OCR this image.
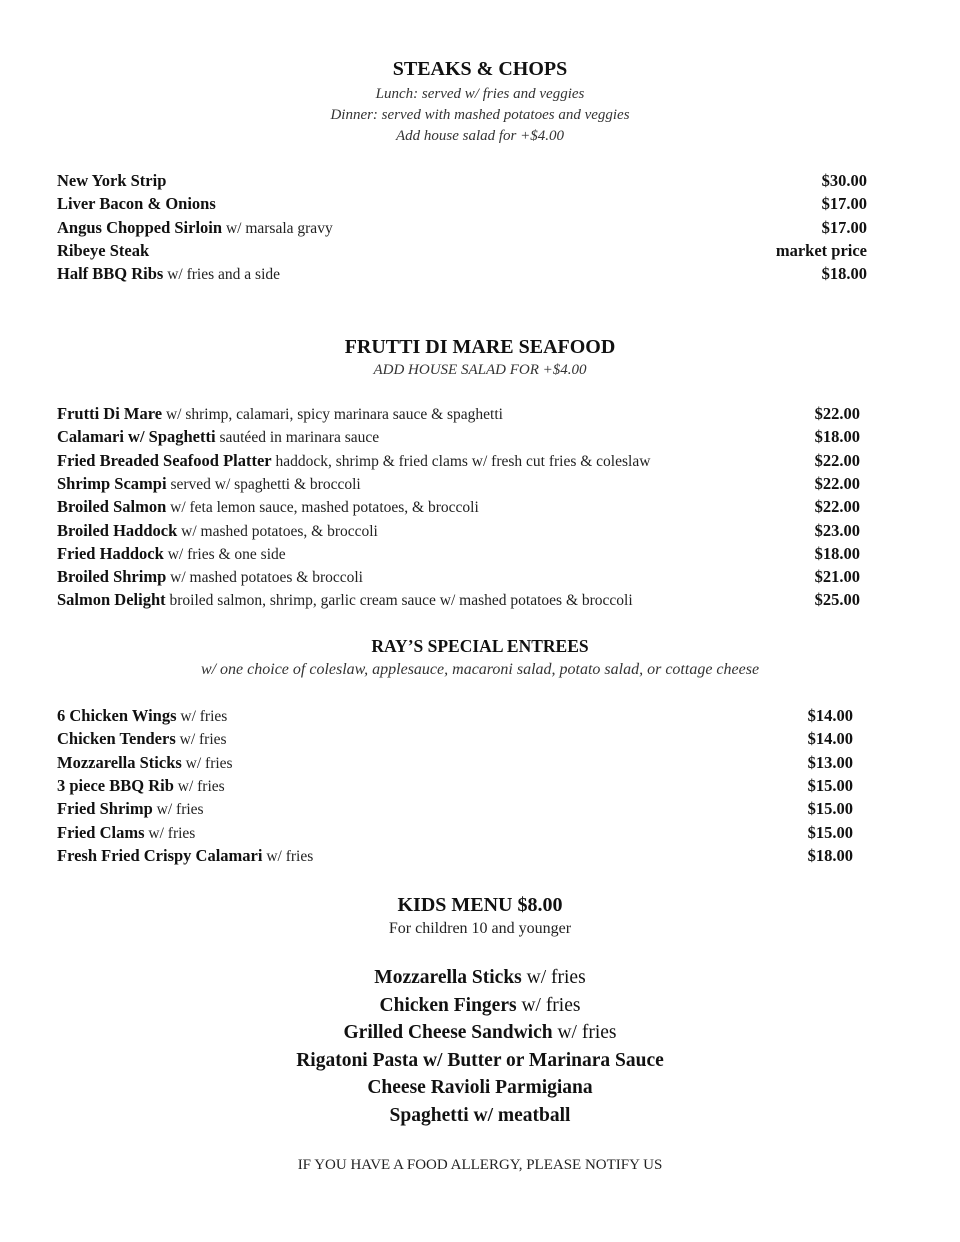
STEAKS & CHOPS
Lunch: served w/ fries and veggies
Dinner: served with mashed potatoes and veggies
Add house salad for +$4.00
New York Strip	$30.00
Liver Bacon & Onions	$17.00
Angus Chopped Sirloin w/ marsala gravy	$17.00
Ribeye Steak	market price
Half BBQ Ribs w/ fries and a side	$18.00
FRUTTI DI MARE SEAFOOD
ADD HOUSE SALAD FOR +$4.00
Frutti Di Mare w/ shrimp, calamari, spicy marinara sauce & spaghetti	$22.00
Calamari w/ Spaghetti sautéed in marinara sauce	$18.00
Fried Breaded Seafood Platter haddock, shrimp & fried clams w/ fresh cut fries & coleslaw	$22.00
Shrimp Scampi served w/ spaghetti & broccoli	$22.00
Broiled Salmon w/ feta lemon sauce, mashed potatoes, & broccoli	$22.00
Broiled Haddock w/ mashed potatoes, & broccoli	$23.00
Fried Haddock w/ fries & one side	$18.00
Broiled Shrimp w/ mashed potatoes & broccoli	$21.00
Salmon Delight broiled salmon, shrimp, garlic cream sauce w/ mashed potatoes & broccoli	$25.00
RAY’S SPECIAL ENTREES
w/ one choice of coleslaw, applesauce, macaroni salad, potato salad, or cottage cheese
6 Chicken Wings w/ fries	$14.00
Chicken Tenders w/ fries	$14.00
Mozzarella Sticks w/ fries	$13.00
3 piece BBQ Rib w/ fries	$15.00
Fried Shrimp w/ fries	$15.00
Fried Clams w/ fries	$15.00
Fresh Fried Crispy Calamari w/ fries	$18.00
KIDS MENU $8.00
For children 10 and younger
Mozzarella Sticks w/ fries
Chicken Fingers w/ fries
Grilled Cheese Sandwich w/ fries
Rigatoni Pasta w/ Butter or Marinara Sauce
Cheese Ravioli Parmigiana
Spaghetti w/ meatball
IF YOU HAVE A FOOD ALLERGY, PLEASE NOTIFY US
